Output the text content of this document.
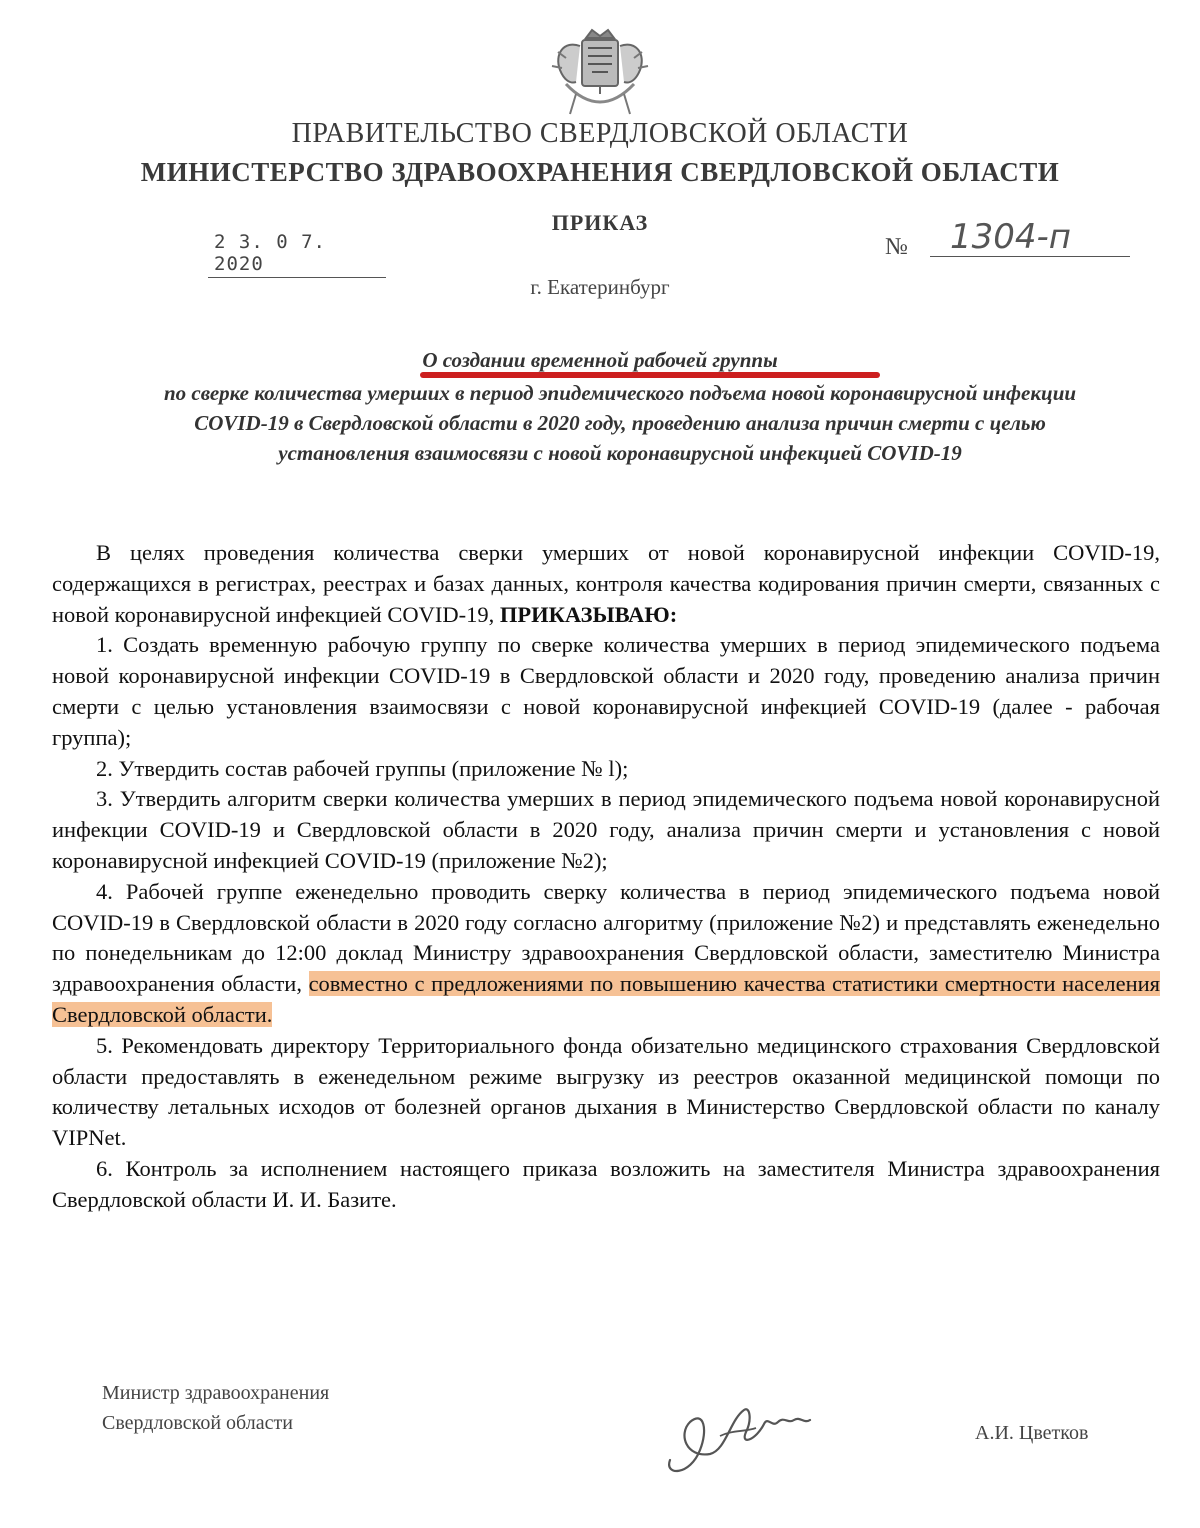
ПРАВИТЕЛЬСТВО СВЕРДЛОВСКОЙ ОБЛАСТИ
МИНИСТЕРСТВО ЗДРАВООХРАНЕНИЯ СВЕРДЛОВСКОЙ ОБЛАСТИ
ПРИКАЗ
2 3. 0 7. 2020
№	1304-п
г. Екатеринбург
О создании временной рабочей группы
по сверке количества умерших в период эпидемического подъема новой коронавирусной инфекции COVID-19 в Свердловской области в 2020 году, проведению анализа причин смерти с целью установления взаимосвязи с новой коронавирусной инфекцией COVID-19

В целях проведения количества сверки умерших от новой коронавирусной инфекции COVID-19, содержащихся в регистрах, реестрах и базах данных, контроля качества кодирования причин смерти, связанных с новой коронавирусной инфекцией COVID-19, ПРИКАЗЫВАЮ:

1. Создать временную рабочую группу по сверке количества умерших в период эпидемического подъема новой коронавирусной инфекции COVID-19 в Свердловской области и 2020 году, проведению анализа причин смерти с целью установления взаимосвязи с новой коронавирусной инфекцией COVID-19 (далее - рабочая группа);

2. Утвердить состав рабочей группы (приложение № l);

3. Утвердить алгоритм сверки количества умерших в период эпидемического подъема новой коронавирусной инфекции COVID-19 и Свердловской области в 2020 году, анализа причин смерти и установления с новой коронавирусной инфекцией COVID-19 (приложение №2);

4. Рабочей группе еженедельно проводить сверку количества в период эпидемического подъема новой COVID-19 в Свердловской области в 2020 году согласно алгоритму (приложение №2) и представлять еженедельно по понедельникам до 12:00 доклад Министру здравоохранения Свердловской области, заместителю Министра здравоохранения области, совместно с предложениями по повышению качества статистики смертности населения Свердловской области.

5. Рекомендовать директору Территориального фонда обизательно медицинского страхования Свердловской области предоставлять в еженедельном режиме выгрузку из реестров оказанной медицинской помощи по количеству летальных исходов от болезней органов дыхания в Министерство Свердловской области по каналу VIPNet.

6. Контроль за исполнением настоящего приказа возложить на заместителя Министра здравоохранения Свердловской области И. И. Базите.

Министр здравоохранения
Свердловской области	А.И. Цветков
